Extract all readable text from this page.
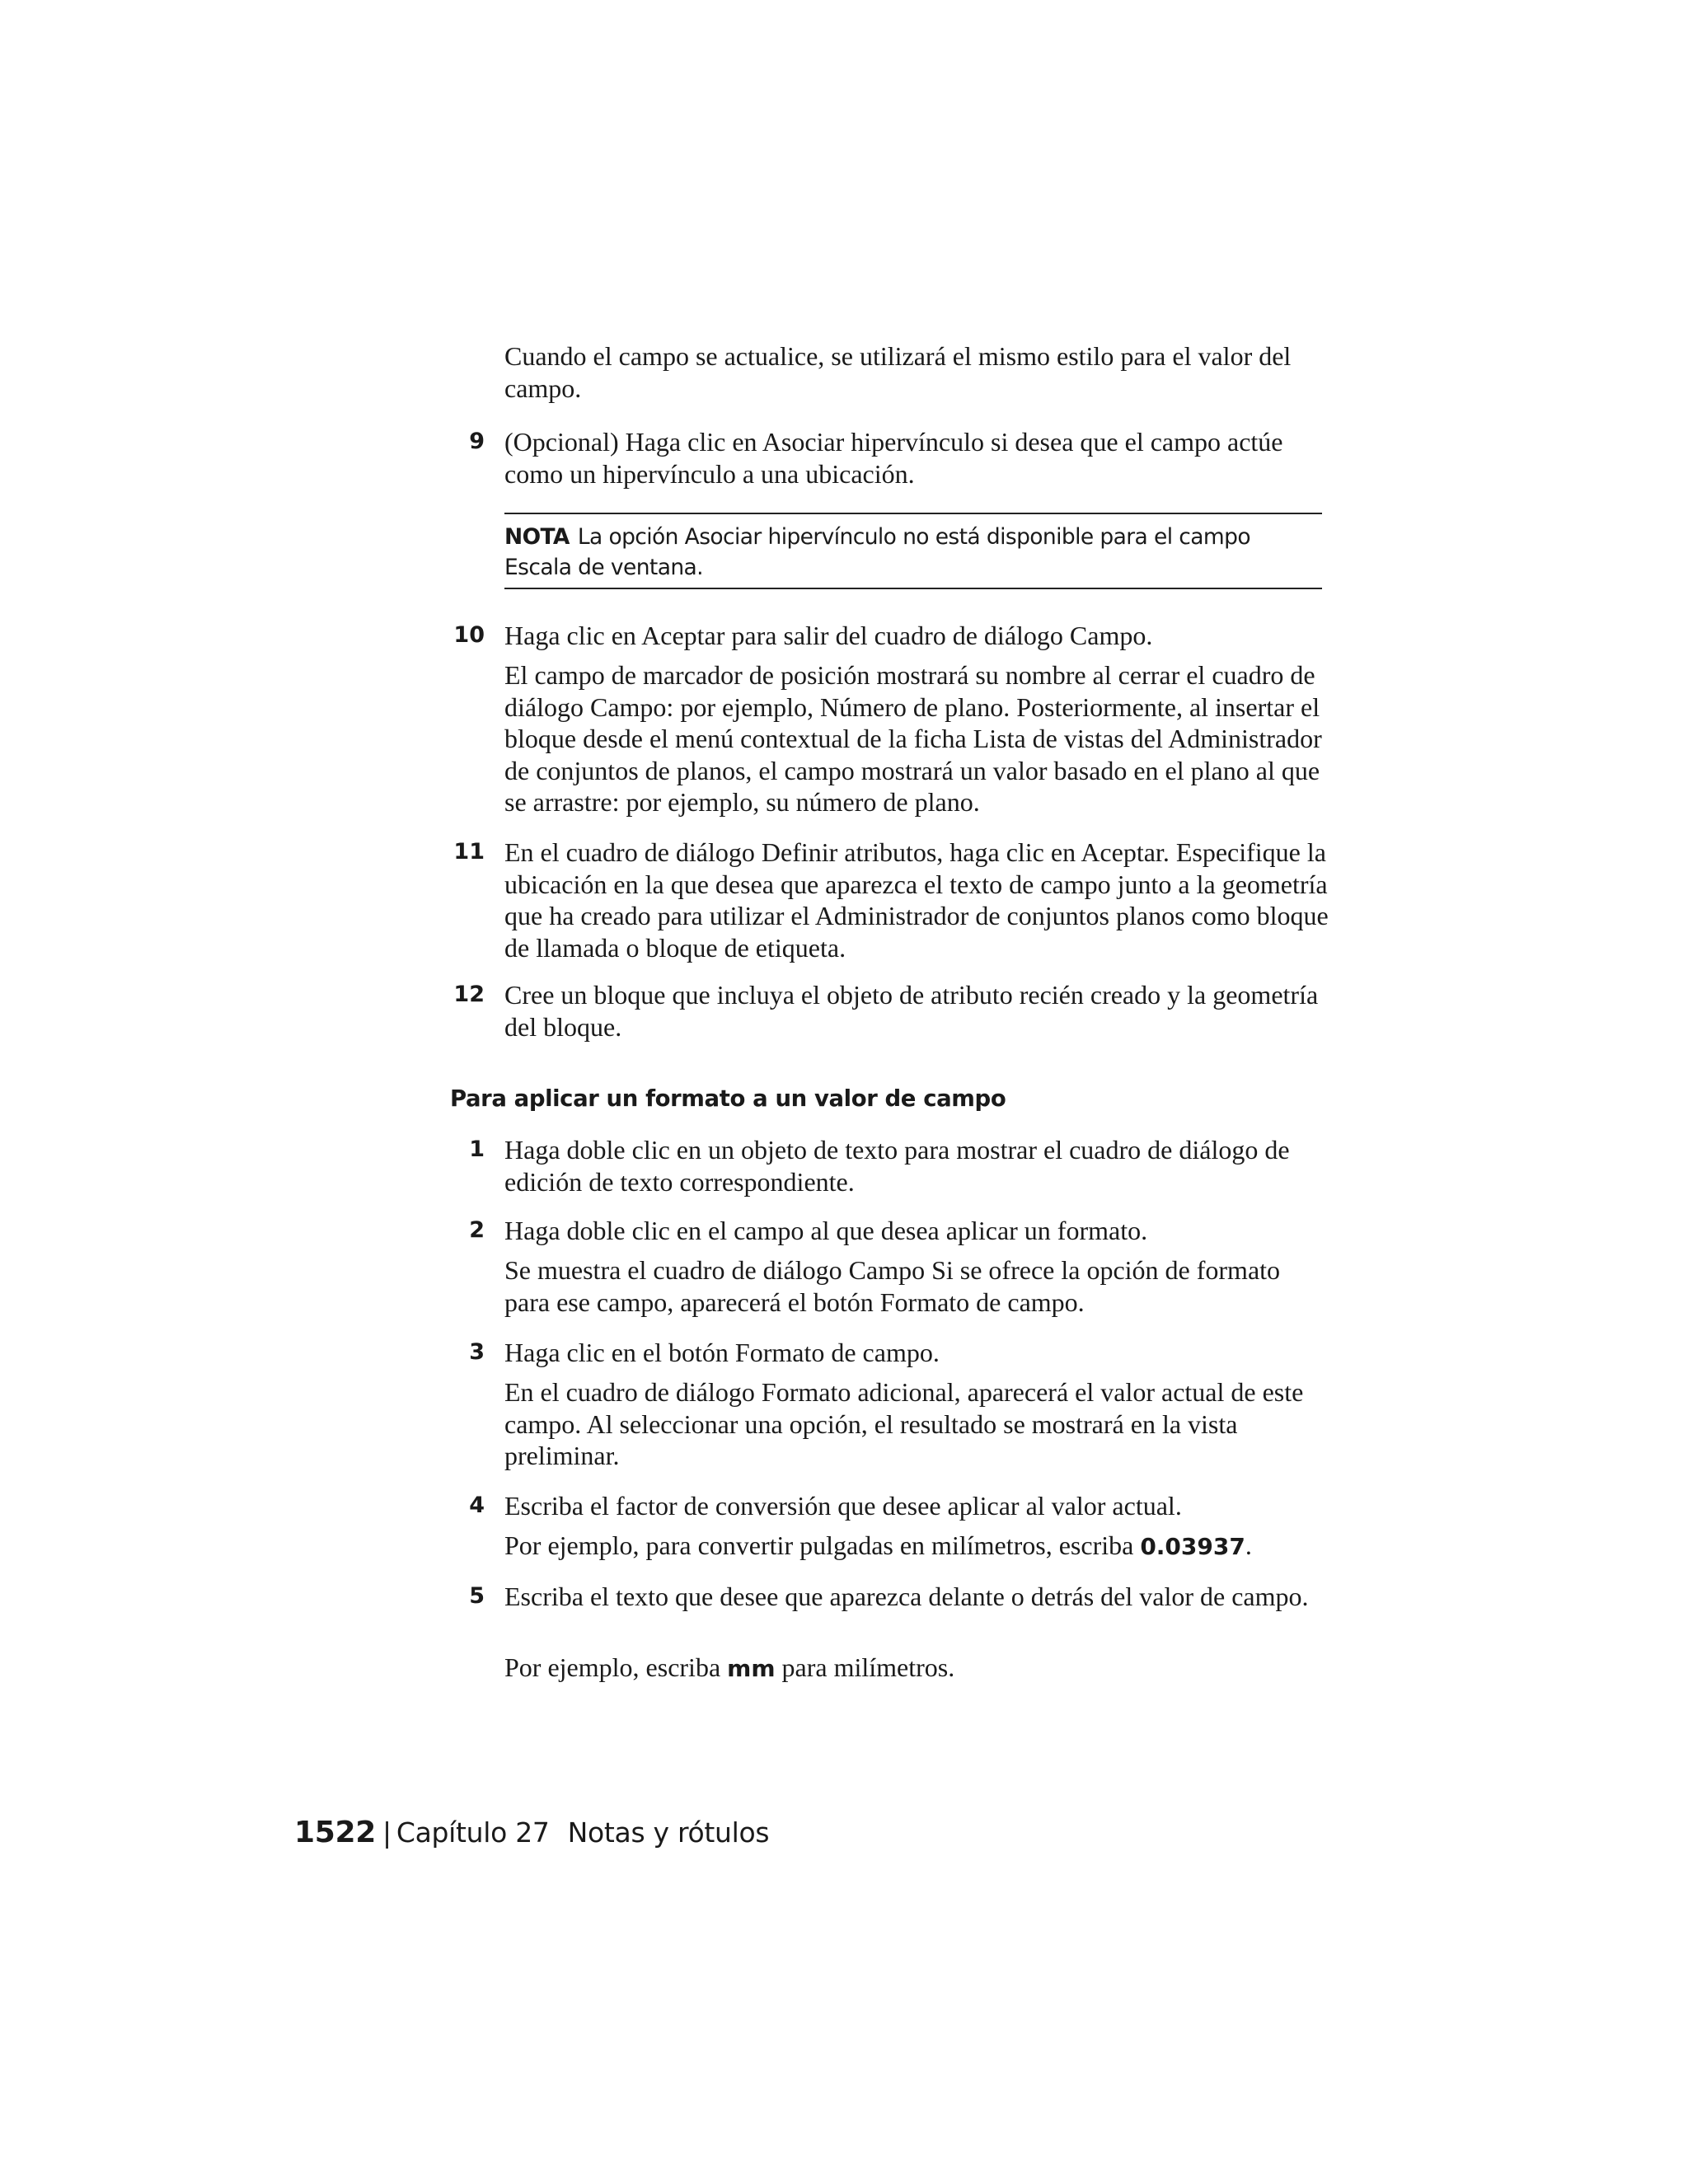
Cuando el campo se actualice, se utilizará el mismo estilo para el valor del campo.

9 (Opcional) Haga clic en Asociar hipervínculo si desea que el campo actúe como un hipervínculo a una ubicación.

NOTA La opción Asociar hipervínculo no está disponible para el campo Escala de ventana.
10 Haga clic en Aceptar para salir del cuadro de diálogo Campo.

El campo de marcador de posición mostrará su nombre al cerrar el cuadro de diálogo Campo: por ejemplo, Número de plano. Posteriormente, al insertar el bloque desde el menú contextual de la ficha Lista de vistas del Administrador de conjuntos de planos, el campo mostrará un valor basado en el plano al que se arrastre: por ejemplo, su número de plano.

11 En el cuadro de diálogo Definir atributos, haga clic en Aceptar. Especifique la ubicación en la que desea que aparezca el texto de campo junto a la geometría que ha creado para utilizar el Administrador de conjuntos planos como bloque de llamada o bloque de etiqueta.

12 Cree un bloque que incluya el objeto de atributo recién creado y la geometría del bloque.

Para aplicar un formato a un valor de campo
1 Haga doble clic en un objeto de texto para mostrar el cuadro de diálogo de edición de texto correspondiente.

2 Haga doble clic en el campo al que desea aplicar un formato.

Se muestra el cuadro de diálogo Campo Si se ofrece la opción de formato para ese campo, aparecerá el botón Formato de campo.

3 Haga clic en el botón Formato de campo.

En el cuadro de diálogo Formato adicional, aparecerá el valor actual de este campo. Al seleccionar una opción, el resultado se mostrará en la vista preliminar.

4 Escriba el factor de conversión que desee aplicar al valor actual.

Por ejemplo, para convertir pulgadas en milímetros, escriba 0.03937.

5 Escriba el texto que desee que aparezca delante o detrás del valor de campo.

Por ejemplo, escriba mm para milímetros.

1522 | Capítulo 27 Notas y rótulos
